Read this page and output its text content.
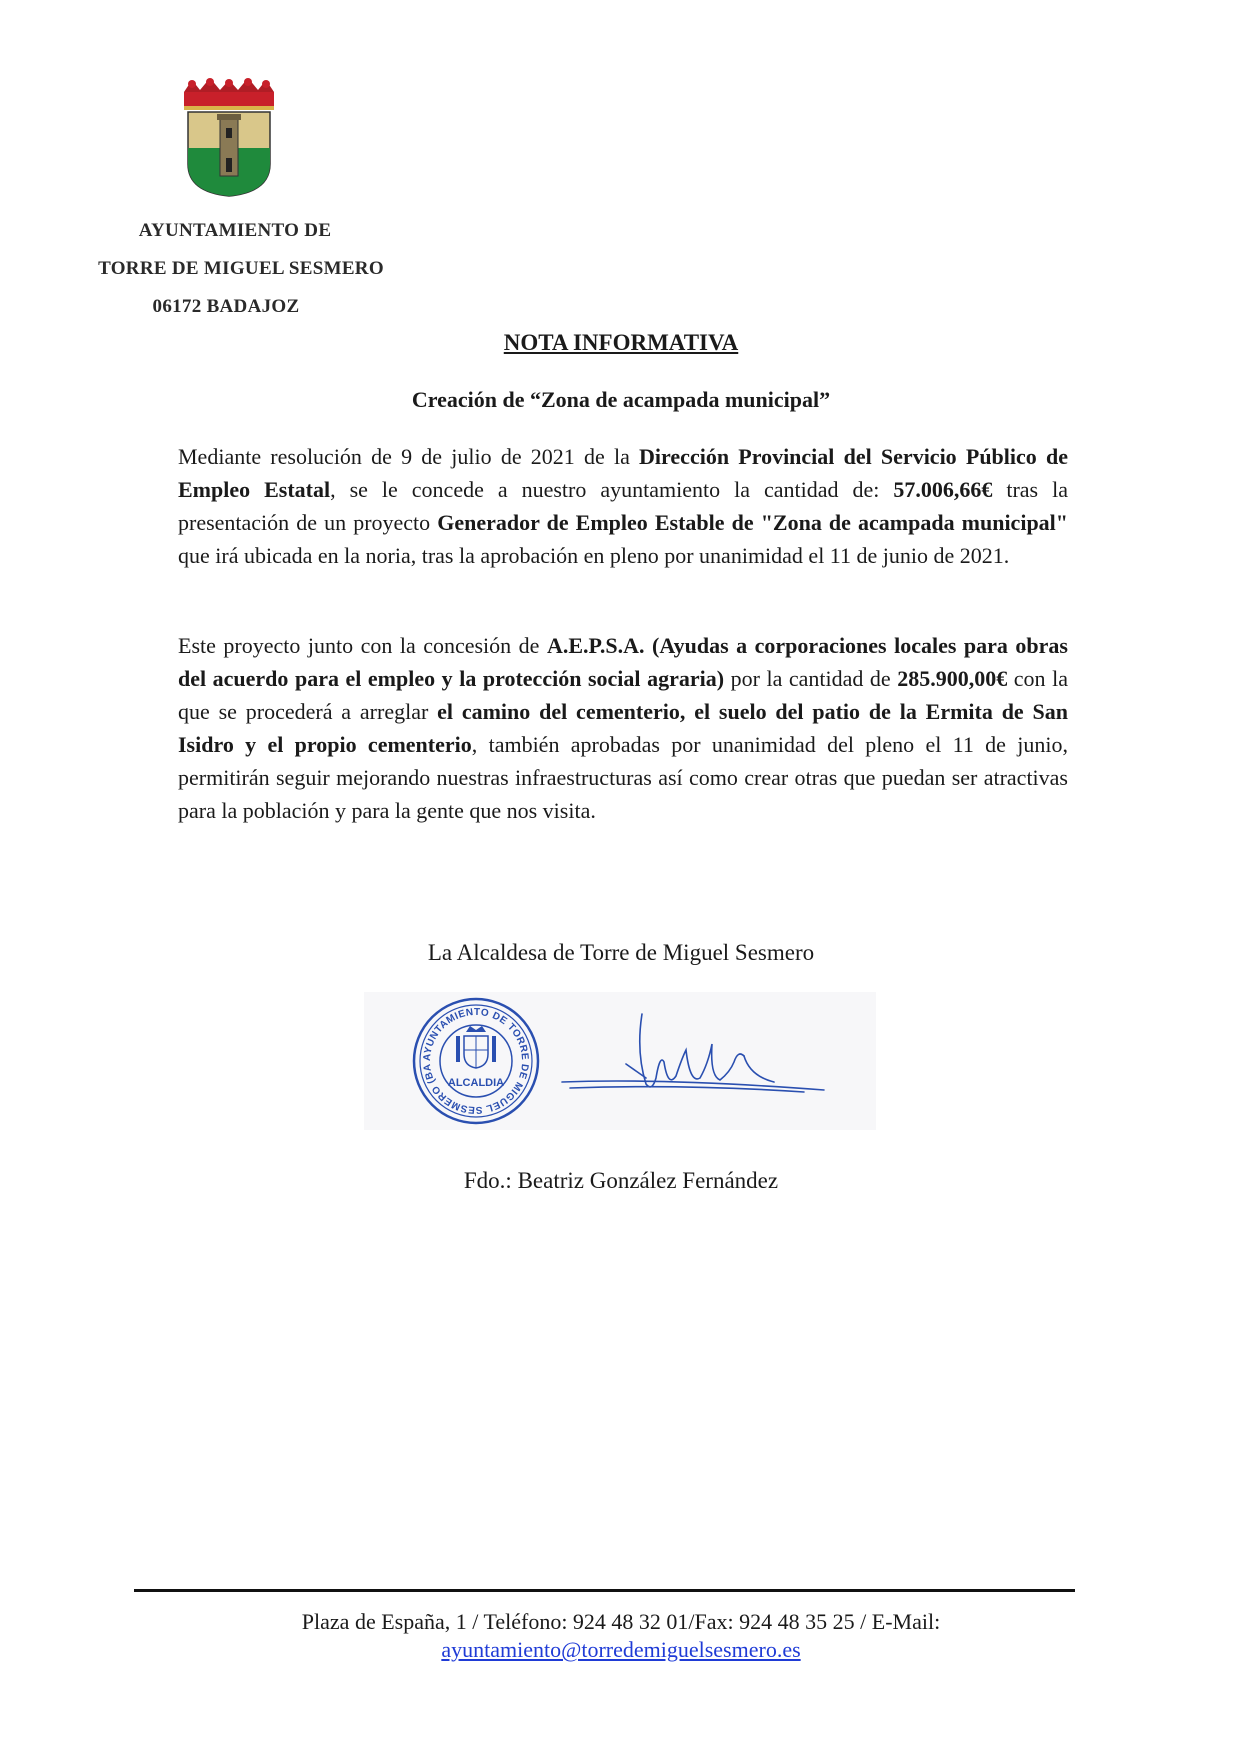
AYUNTAMIENTO DE
TORRE DE MIGUEL SESMERO
06172 BADAJOZ
NOTA INFORMATIVA
Creación de “Zona de acampada municipal”

Mediante resolución de 9 de julio de 2021 de la Dirección Provincial del Servicio Público de Empleo Estatal, se le concede a nuestro ayuntamiento la cantidad de: 57.006,66€ tras la presentación de un proyecto Generador de Empleo Estable de "Zona de acampada municipal" que irá ubicada en la noria, tras la aprobación en pleno por unanimidad el 11 de junio de 2021.

Este proyecto junto con la concesión de A.E.P.S.A. (Ayudas a corporaciones locales para obras del acuerdo para el empleo y la protección social agraria) por la cantidad de 285.900,00€ con la que se procederá a arreglar el camino del cementerio, el suelo del patio de la Ermita de San Isidro y el propio cementerio, también aprobadas por unanimidad del pleno el 11 de junio, permitirán seguir mejorando nuestras infraestructuras así como crear otras que puedan ser atractivas para la población y para la gente que nos visita.

La Alcaldesa de Torre de Miguel Sesmero
AYUNTAMIENTO DE TORRE DE MIGUEL SESMERO (BA
ALCALDIA
Fdo.: Beatriz González Fernández
Plaza de España, 1 / Teléfono: 924 48 32 01/Fax: 924 48 35 25 / E-Mail:
ayuntamiento@torredemiguelsesmero.es
